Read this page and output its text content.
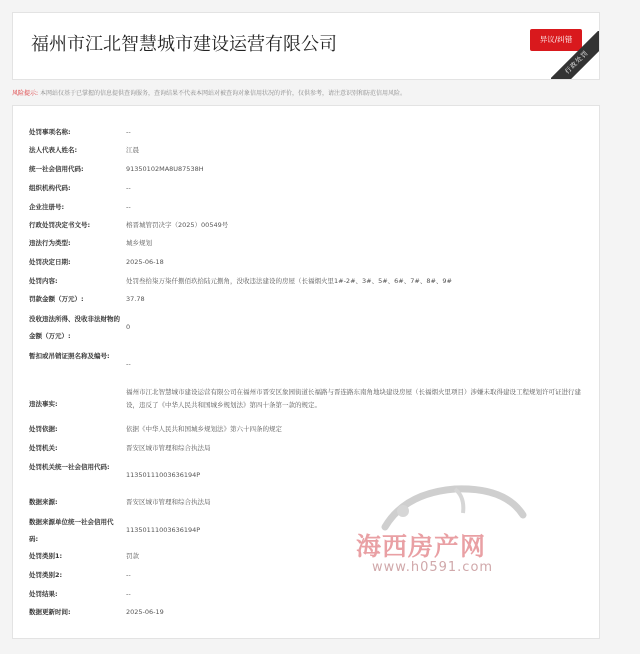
福州市江北智慧城市建设运营有限公司	异议/纠错
行政处罚
风险提示: 本网站仅基于已掌握的信息提供查询服务，查询结果不代表本网站对被查询对象信用状况的评价，仅供参考，请注意识别和防范信用风险。
处罚事项名称:	--
法人代表人姓名:	江晨
统一社会信用代码:	91350102MA8U87538H
组织机构代码:	--
企业注册号:	--
行政处罚决定书文号:	榕晋城管罚决字（2025）00549号
违法行为类型:	城乡规划
处罚决定日期:	2025-06-18
处罚内容:	处罚叁拾柒万柒仟捌佰玖拾陆元捌角，没收违法建设的房屋（长福烟火里1#-2#、3#、5#、6#、7#、8#、9#
罚款金额（万元）:	37.78
没收违法所得、没收非法财物的金额（万元）:
0
暂扣或吊销证照名称及编号:
--
违法事实:
福州市江北智慧城市建设运营有限公司在福州市晋安区象园街道长福路与晋连路东南角地块建设房屋（长福烟火里项目）涉嫌未取得建设工程规划许可证进行建设，违反了《中华人民共和国城乡规划法》第四十条第一款的规定。
处罚依据:	依据《中华人民共和国城乡规划法》第六十四条的规定
处罚机关:	晋安区城市管理和综合执法局
处罚机关统一社会信用代码:
11350111003636194P
数据来源:	晋安区城市管理和综合执法局
数据来源单位统一社会信用代码:
11350111003636194P
处罚类别1:	罚款
处罚类别2:	--
处罚结果:	--
数据更新时间:	2025-06-19
海西房产网
www.h0591.com
